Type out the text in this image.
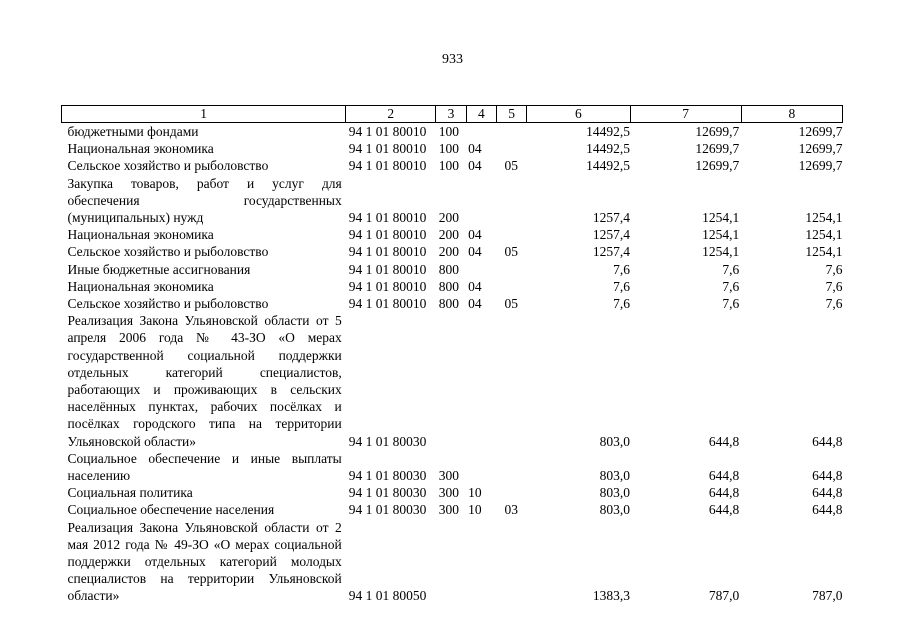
933
1	2	3	4	5	6	7	8
бюджетными фондами	94 1 01 80010	100			14492,5	12699,7	12699,7
Национальная экономика	94 1 01 80010	100	04		14492,5	12699,7	12699,7
Сельское хозяйство и рыболовство	94 1 01 80010	100	04	05	14492,5	12699,7	12699,7
Закупка товаров, работ и услуг для обеспечения государственных (муниципальных) нужд	94 1 01 80010	200			1257,4	1254,1	1254,1
Национальная экономика	94 1 01 80010	200	04		1257,4	1254,1	1254,1
Сельское хозяйство и рыболовство	94 1 01 80010	200	04	05	1257,4	1254,1	1254,1
Иные бюджетные ассигнования	94 1 01 80010	800			7,6	7,6	7,6
Национальная экономика	94 1 01 80010	800	04		7,6	7,6	7,6
Сельское хозяйство и рыболовство	94 1 01 80010	800	04	05	7,6	7,6	7,6
Реализация Закона Ульяновской области от 5 апреля 2006 года № 43-ЗО «О мерах государственной социальной поддержки отдельных категорий специалистов, работающих и проживающих в сельских населённых пунктах, рабочих посёлках и посёлках городского типа на территории Ульяновской области»	94 1 01 80030				803,0	644,8	644,8
Социальное обеспечение и иные выплаты населению	94 1 01 80030	300			803,0	644,8	644,8
Социальная политика	94 1 01 80030	300	10		803,0	644,8	644,8
Социальное обеспечение населения	94 1 01 80030	300	10	03	803,0	644,8	644,8
Реализация Закона Ульяновской области от 2 мая 2012 года № 49-ЗО «О мерах социальной поддержки отдельных категорий молодых специалистов на территории Ульяновской области»	94 1 01 80050				1383,3	787,0	787,0
